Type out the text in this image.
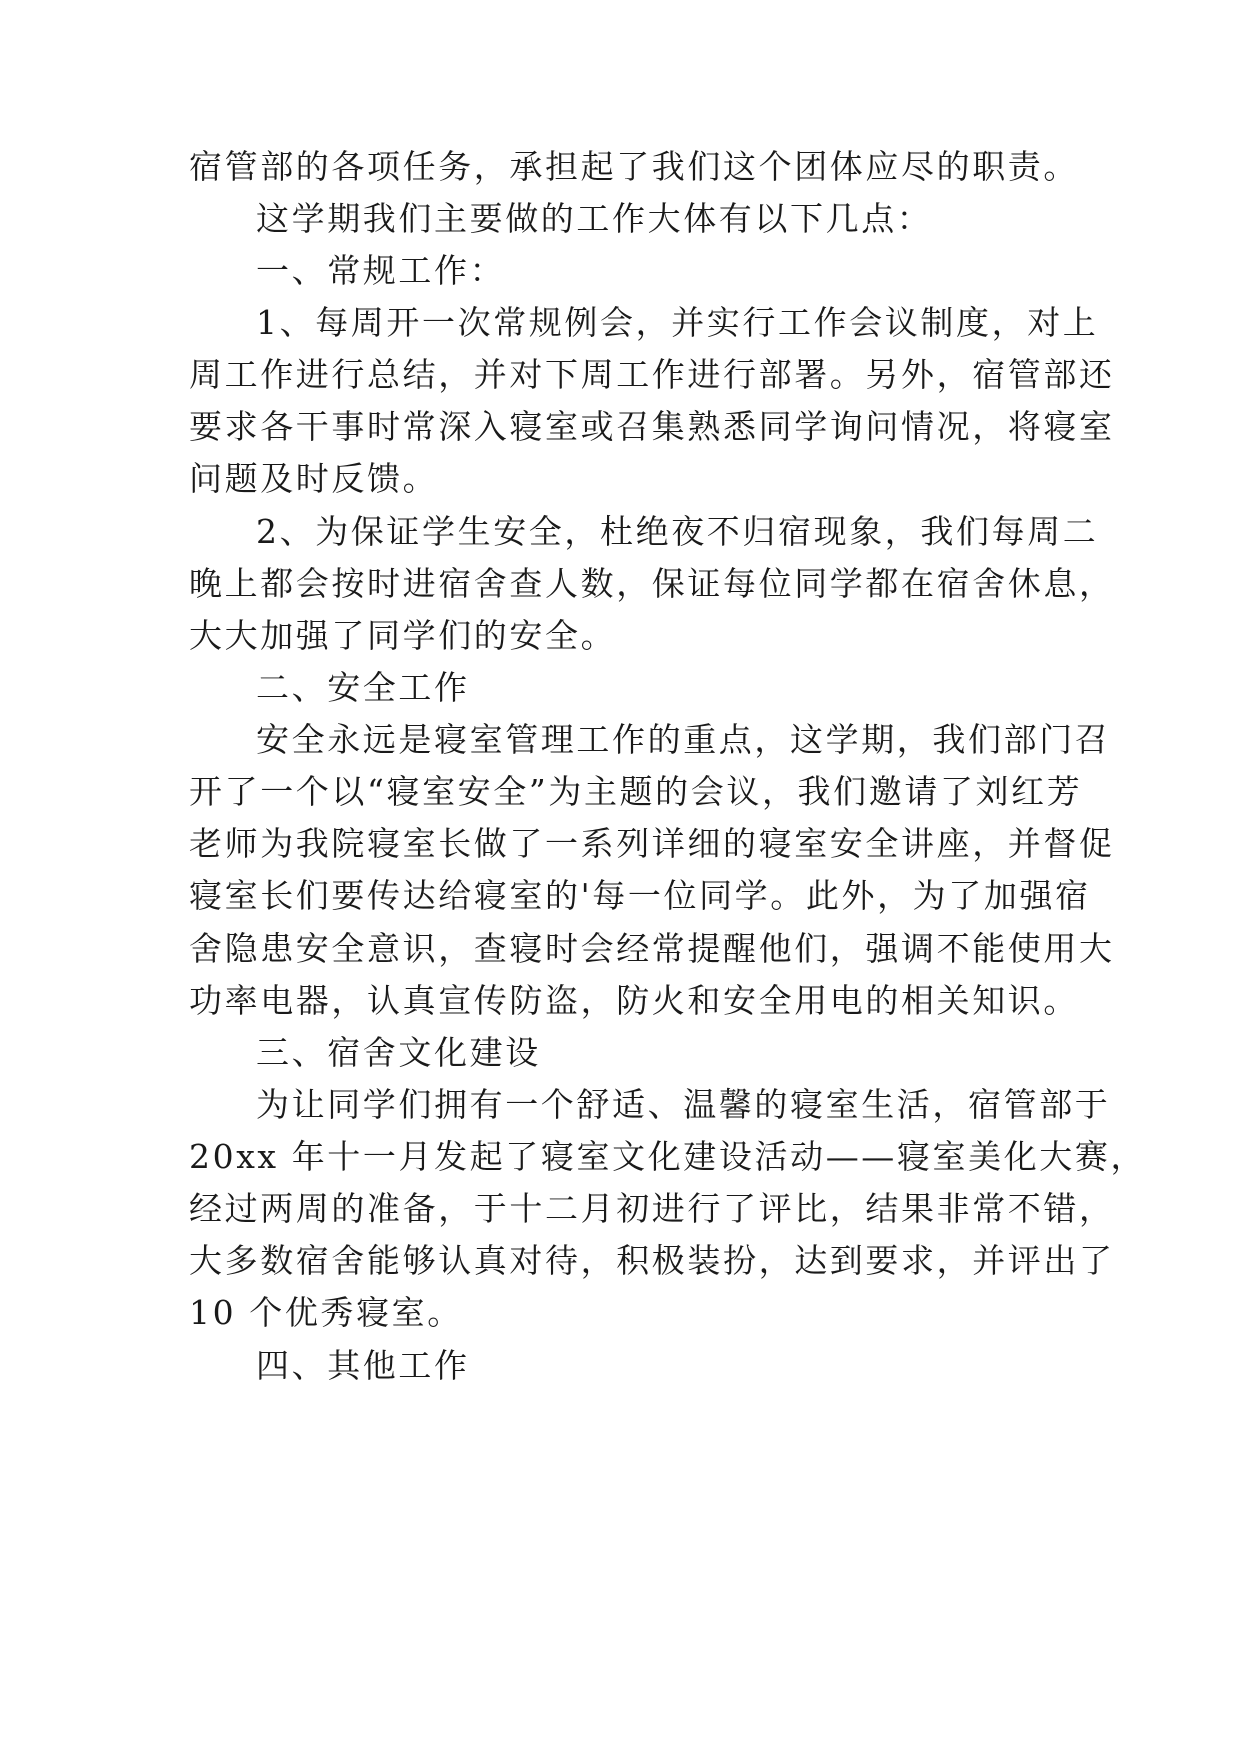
宿管部的各项任务，承担起了我们这个团体应尽的职责。
这学期我们主要做的工作大体有以下几点：
一、常规工作：
1、每周开一次常规例会，并实行工作会议制度，对上
周工作进行总结，并对下周工作进行部署。另外，宿管部还
要求各干事时常深入寝室或召集熟悉同学询问情况，将寝室
问题及时反馈。
2、为保证学生安全，杜绝夜不归宿现象，我们每周二
晚上都会按时进宿舍查人数，保证每位同学都在宿舍休息，
大大加强了同学们的安全。
二、安全工作
安全永远是寝室管理工作的重点，这学期，我们部门召
开了一个以“寝室安全”为主题的会议，我们邀请了刘红芳
老师为我院寝室长做了一系列详细的寝室安全讲座，并督促
寝室长们要传达给寝室的'每一位同学。此外，为了加强宿
舍隐患安全意识，查寝时会经常提醒他们，强调不能使用大
功率电器，认真宣传防盗，防火和安全用电的相关知识。
三、宿舍文化建设
为让同学们拥有一个舒适、温馨的寝室生活，宿管部于
20xx 年十一月发起了寝室文化建设活动——寝室美化大赛，
经过两周的准备，于十二月初进行了评比，结果非常不错，
大多数宿舍能够认真对待，积极装扮，达到要求，并评出了
10 个优秀寝室。
四、其他工作
